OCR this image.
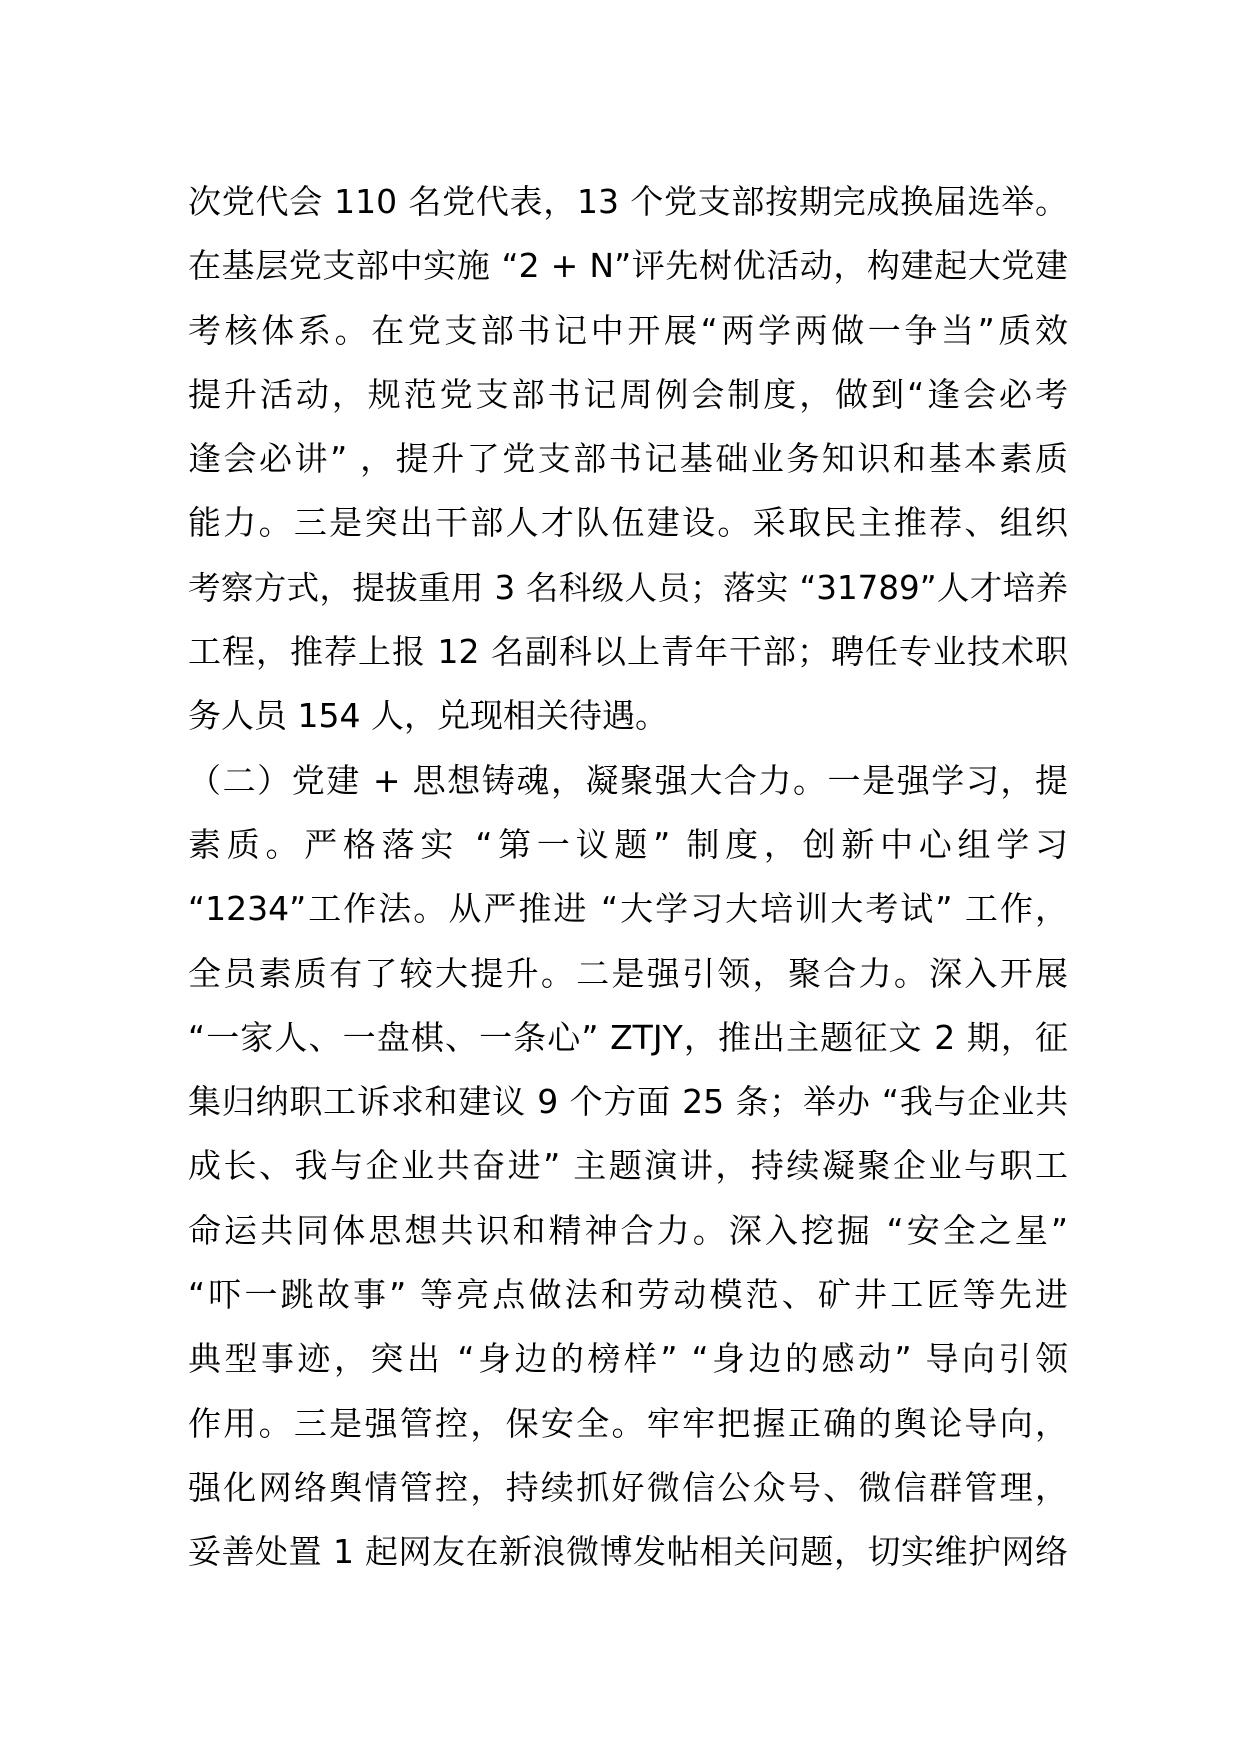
次党代会 110 名党代表，13 个党支部按期完成换届选举。
在基层党支部中实施 “2 + N”评先树优活动，构建起大党建
考核体系。在党支部书记中开展“两学两做一争当”质效
提升活动，规范党支部书记周例会制度，做到“逢会必考
逢会必讲” ，提升了党支部书记基础业务知识和基本素质
能力。三是突出干部人才队伍建设。采取民主推荐、组织
考察方式，提拔重用 3 名科级人员；落实 “31789”人才培养
工程，推荐上报 12 名副科以上青年干部；聘任专业技术职
务人员 154 人，兑现相关待遇。
（二）党建 + 思想铸魂，凝聚强大合力。一是强学习，提
素质。严格落实 “第一议题” 制度，创新中心组学习
“1234”工作法。从严推进 “大学习大培训大考试” 工作，
全员素质有了较大提升。二是强引领，聚合力。深入开展
“一家人、一盘棋、一条心” ZTJY，推出主题征文 2 期，征
集归纳职工诉求和建议 9 个方面 25 条；举办 “我与企业共
成长、我与企业共奋进” 主题演讲，持续凝聚企业与职工
命运共同体思想共识和精神合力。深入挖掘 “安全之星”
“吓一跳故事” 等亮点做法和劳动模范、矿井工匠等先进
典型事迹，突出 “身边的榜样” “身边的感动” 导向引领
作用。三是强管控，保安全。牢牢把握正确的舆论导向，
强化网络舆情管控，持续抓好微信公众号、微信群管理，
妥善处置 1 起网友在新浪微博发帖相关问题，切实维护网络
